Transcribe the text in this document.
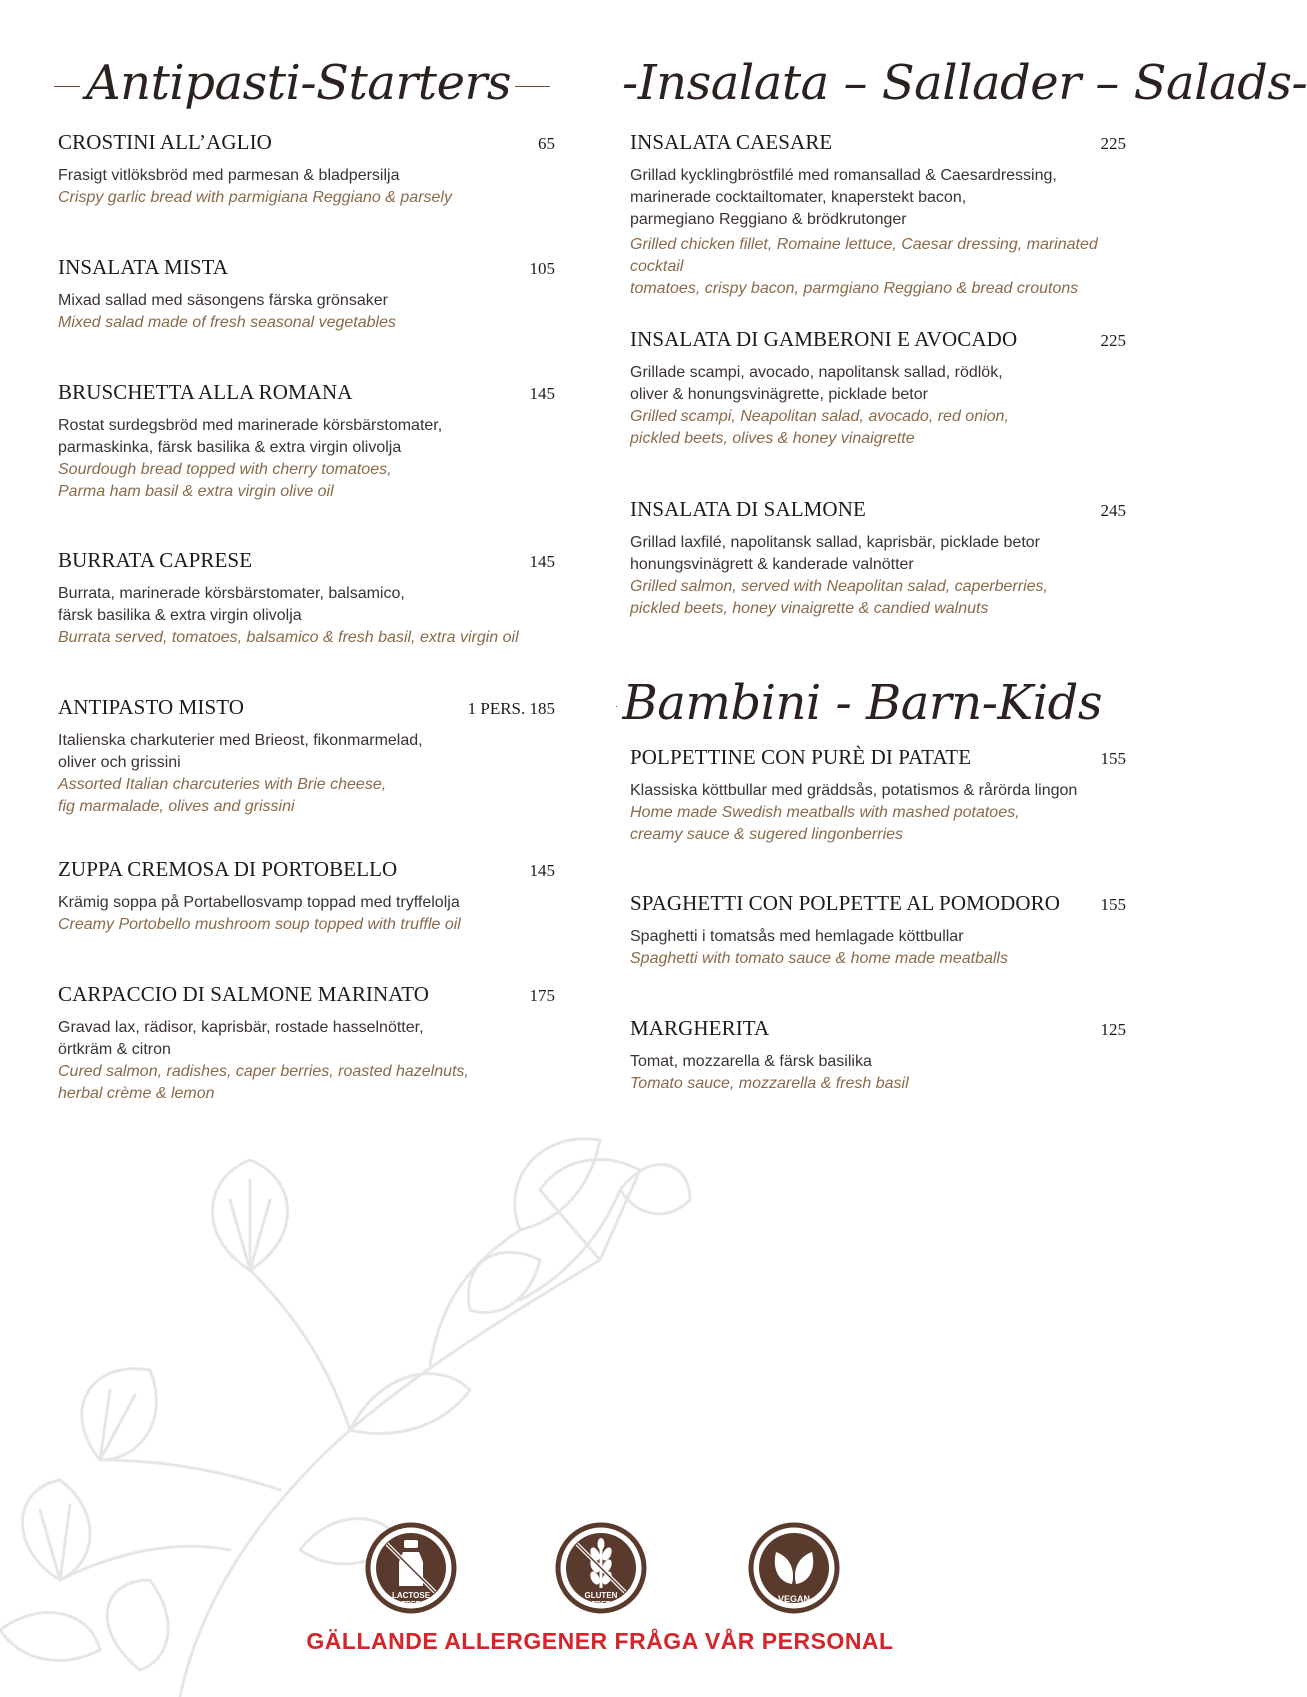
Antipasti-Starters -Insalata – Sallader – Salads-
Bambini - Barn-Kids
CROSTINI ALL’AGLIO	65
Frasigt vitlöksbröd med parmesan & bladpersilja
Crispy garlic bread with parmigiana Reggiano & parsely
INSALATA MISTA	105
Mixad sallad med säsongens färska grönsaker
Mixed salad made of fresh seasonal vegetables
BRUSCHETTA ALLA ROMANA	145
Rostat surdegsbröd med marinerade körsbärstomater,
parmaskinka, färsk basilika & extra virgin olivolja
Sourdough bread topped with cherry tomatoes,
Parma ham basil & extra virgin olive oil
BURRATA CAPRESE	145
Burrata, marinerade körsbärstomater, balsamico,
färsk basilika & extra virgin olivolja
Burrata served, tomatoes, balsamico & fresh basil, extra virgin oil
ANTIPASTO MISTO	1 PERS. 185
Italienska charkuterier med Brieost, fikonmarmelad,
oliver och grissini
Assorted Italian charcuteries with Brie cheese,
fig marmalade, olives and grissini
ZUPPA CREMOSA DI PORTOBELLO	145
Krämig soppa på Portabellosvamp toppad med tryffelolja
Creamy Portobello mushroom soup topped with truffle oil
CARPACCIO DI SALMONE MARINATO	175
Gravad lax, rädisor, kaprisbär, rostade hasselnötter,
örtkräm & citron
Cured salmon, radishes, caper berries, roasted hazelnuts,
herbal crème & lemon
INSALATA CAESARE	225
Grillad kycklingbröstfilé med romansallad & Caesardressing,
marinerade cocktailtomater, knaperstekt bacon,
parmegiano Reggiano & brödkrutonger
Grilled chicken fillet, Romaine lettuce, Caesar dressing, marinated cocktail
tomatoes, crispy bacon, parmgiano Reggiano & bread croutons
INSALATA DI GAMBERONI E AVOCADO	225
Grillade scampi, avocado, napolitansk sallad, rödlök,
oliver & honungsvinägrette, picklade betor
Grilled scampi, Neapolitan salad, avocado, red onion,
pickled beets, olives & honey vinaigrette
INSALATA DI SALMONE	245
Grillad laxfilé, napolitansk sallad, kaprisbär, picklade betor
honungsvinägrett & kanderade valnötter
Grilled salmon, served with Neapolitan salad, caperberries,
pickled beets, honey vinaigrette & candied walnuts
POLPETTINE CON PURÈ DI PATATE	155
Klassiska köttbullar med gräddsås, potatismos & rårörda lingon
Home made Swedish meatballs with mashed potatoes,
creamy sauce & sugered lingonberries
SPAGHETTI CON POLPETTE AL POMODORO 155
Spaghetti i tomatsås med hemlagade köttbullar
Spaghetti with tomato sauce & home made meatballs
MARGHERITA	125
Tomat, mozzarella & färsk basilika
Tomato sauce, mozzarella & fresh basil
LACTOSE
FREE
GLUTEN
FREE
VEGAN
GÄLLANDE ALLERGENER FRÅGA VÅR PERSONAL
